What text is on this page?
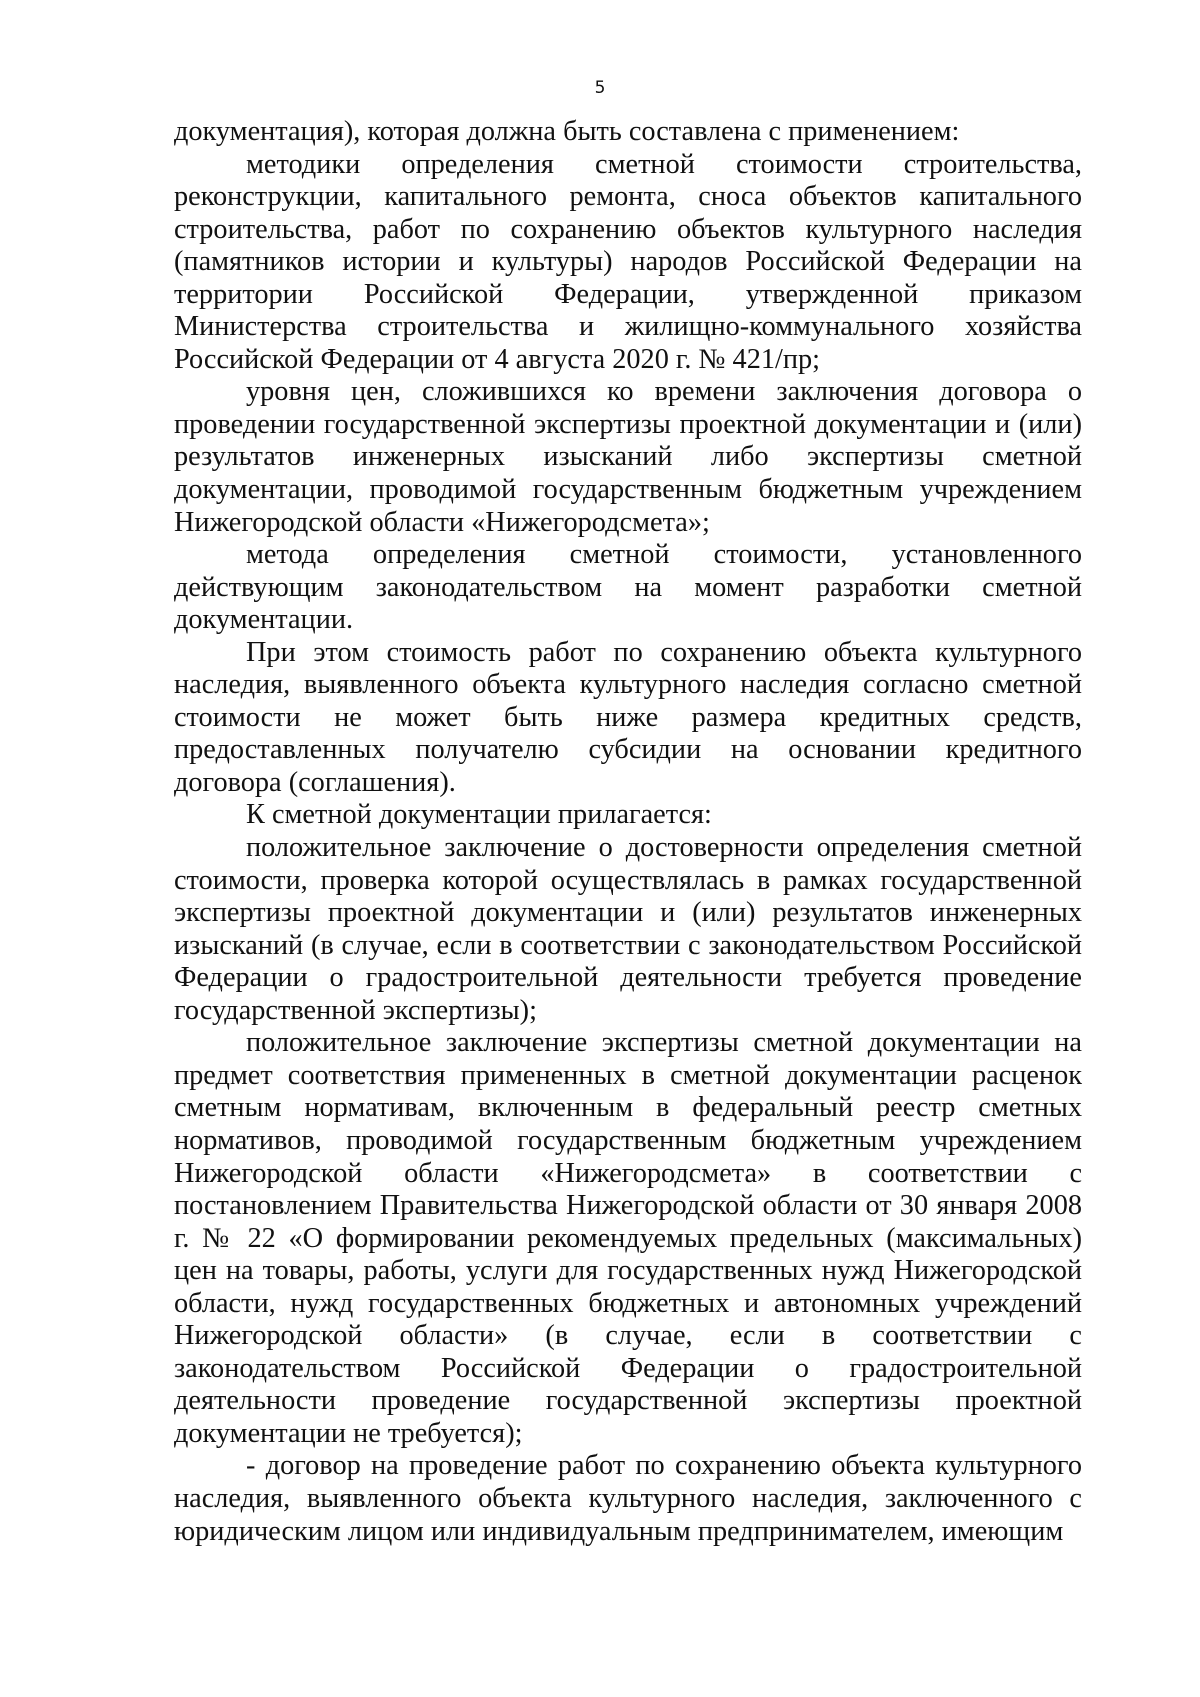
5

документация), которая должна быть составлена с применением:

методики определения сметной стоимости строительства, реконструкции, капитального ремонта, сноса объектов капитального строительства, работ по сохранению объектов культурного наследия (памятников истории и культуры) народов Российской Федерации на территории Российской Федерации, утвержденной приказом Министерства строительства и жилищно-коммунального хозяйства Российской Федерации от 4 августа 2020 г. № 421/пр;

уровня цен, сложившихся ко времени заключения договора о проведении государственной экспертизы проектной документации и (или) результатов инженерных изысканий либо экспертизы сметной документации, проводимой государственным бюджетным учреждением Нижегородской области «Нижегородсмета»;

метода определения сметной стоимости, установленного действующим законодательством на момент разработки сметной документации.

При этом стоимость работ по сохранению объекта культурного наследия, выявленного объекта культурного наследия согласно сметной стоимости не может быть ниже размера кредитных средств, предоставленных получателю субсидии на основании кредитного договора (соглашения).

К сметной документации прилагается:

положительное заключение о достоверности определения сметной стоимости, проверка которой осуществлялась в рамках государственной экспертизы проектной документации и (или) результатов инженерных изысканий (в случае, если в соответствии с законодательством Российской Федерации о градостроительной деятельности требуется проведение государственной экспертизы);

положительное заключение экспертизы сметной документации на предмет соответствия примененных в сметной документации расценок сметным нормативам, включенным в федеральный реестр сметных нормативов, проводимой государственным бюджетным учреждением Нижегородской области «Нижегородсмета» в соответствии с постановлением Правительства Нижегородской области от 30 января 2008 г. № 22 «О формировании рекомендуемых предельных (максимальных) цен на товары, работы, услуги для государственных нужд Нижегородской области, нужд государственных бюджетных и автономных учреждений Нижегородской области» (в случае, если в соответствии с законодательством Российской Федерации о градостроительной деятельности проведение государственной экспертизы проектной документации не требуется);

- договор на проведение работ по сохранению объекта культурного наследия, выявленного объекта культурного наследия, заключенного с юридическим лицом или индивидуальным предпринимателем, имеющим
